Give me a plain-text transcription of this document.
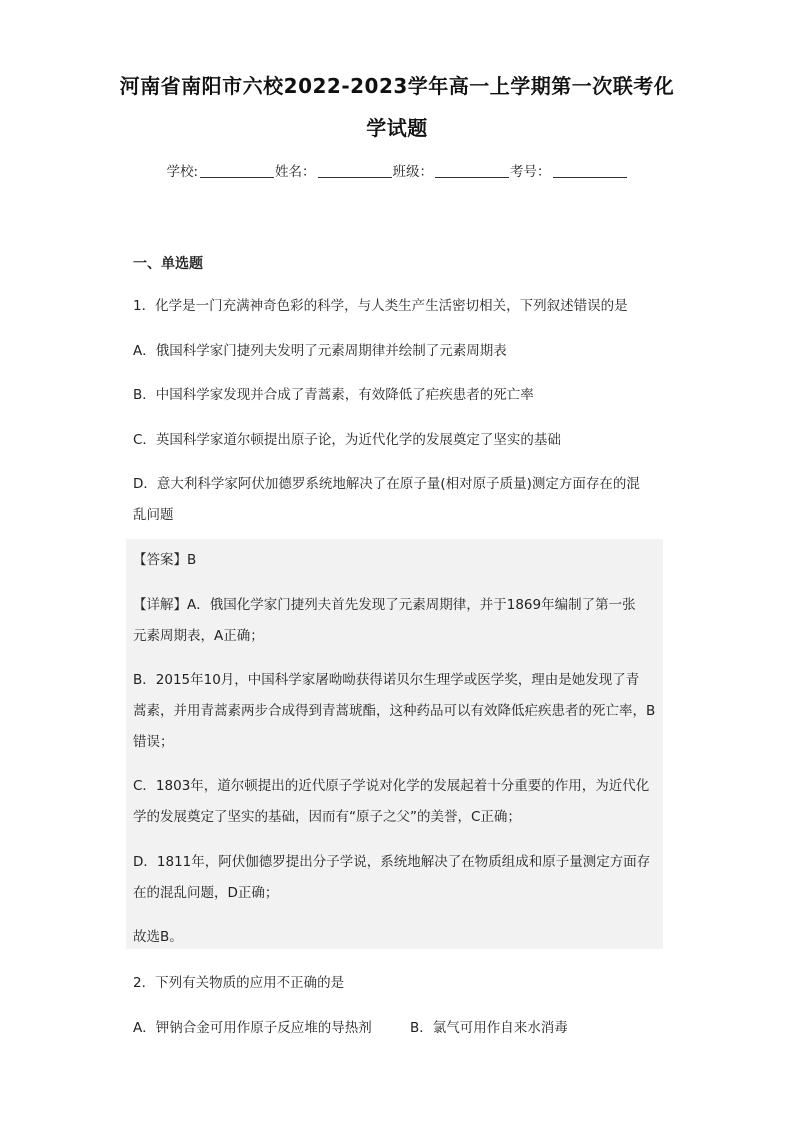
河南省南阳市六校2022-2023学年高一上学期第一次联考化
学试题
学校:	姓名：	班级：	考号：
一、单选题
1．化学是一门充满神奇色彩的科学，与人类生产生活密切相关，下列叙述错误的是
A．俄国科学家门捷列夫发明了元素周期律并绘制了元素周期表
B．中国科学家发现并合成了青蒿素，有效降低了疟疾患者的死亡率
C．英国科学家道尔顿提出原子论，为近代化学的发展奠定了坚实的基础
D．意大利科学家阿伏加德罗系统地解决了在原子量(相对原子质量)测定方面存在的混
乱问题
【答案】B
【详解】A．俄国化学家门捷列夫首先发现了元素周期律，并于1869年编制了第一张
元素周期表，A正确；
B．2015年10月，中国科学家屠呦呦获得诺贝尔生理学或医学奖，理由是她发现了青
蒿素，并用青蒿素两步合成得到青蒿琥酯，这种药品可以有效降低疟疾患者的死亡率，B
错误；
C．1803年，道尔顿提出的近代原子学说对化学的发展起着十分重要的作用，为近代化
学的发展奠定了坚实的基础，因而有“原子之父”的美誉，C正确；
D．1811年，阿伏伽德罗提出分子学说，系统地解决了在物质组成和原子量测定方面存
在的混乱问题，D正确；
故选B。
2．下列有关物质的应用不正确的是
A．钾钠合金可用作原子反应堆的导热剂	B．氯气可用作自来水消毒
